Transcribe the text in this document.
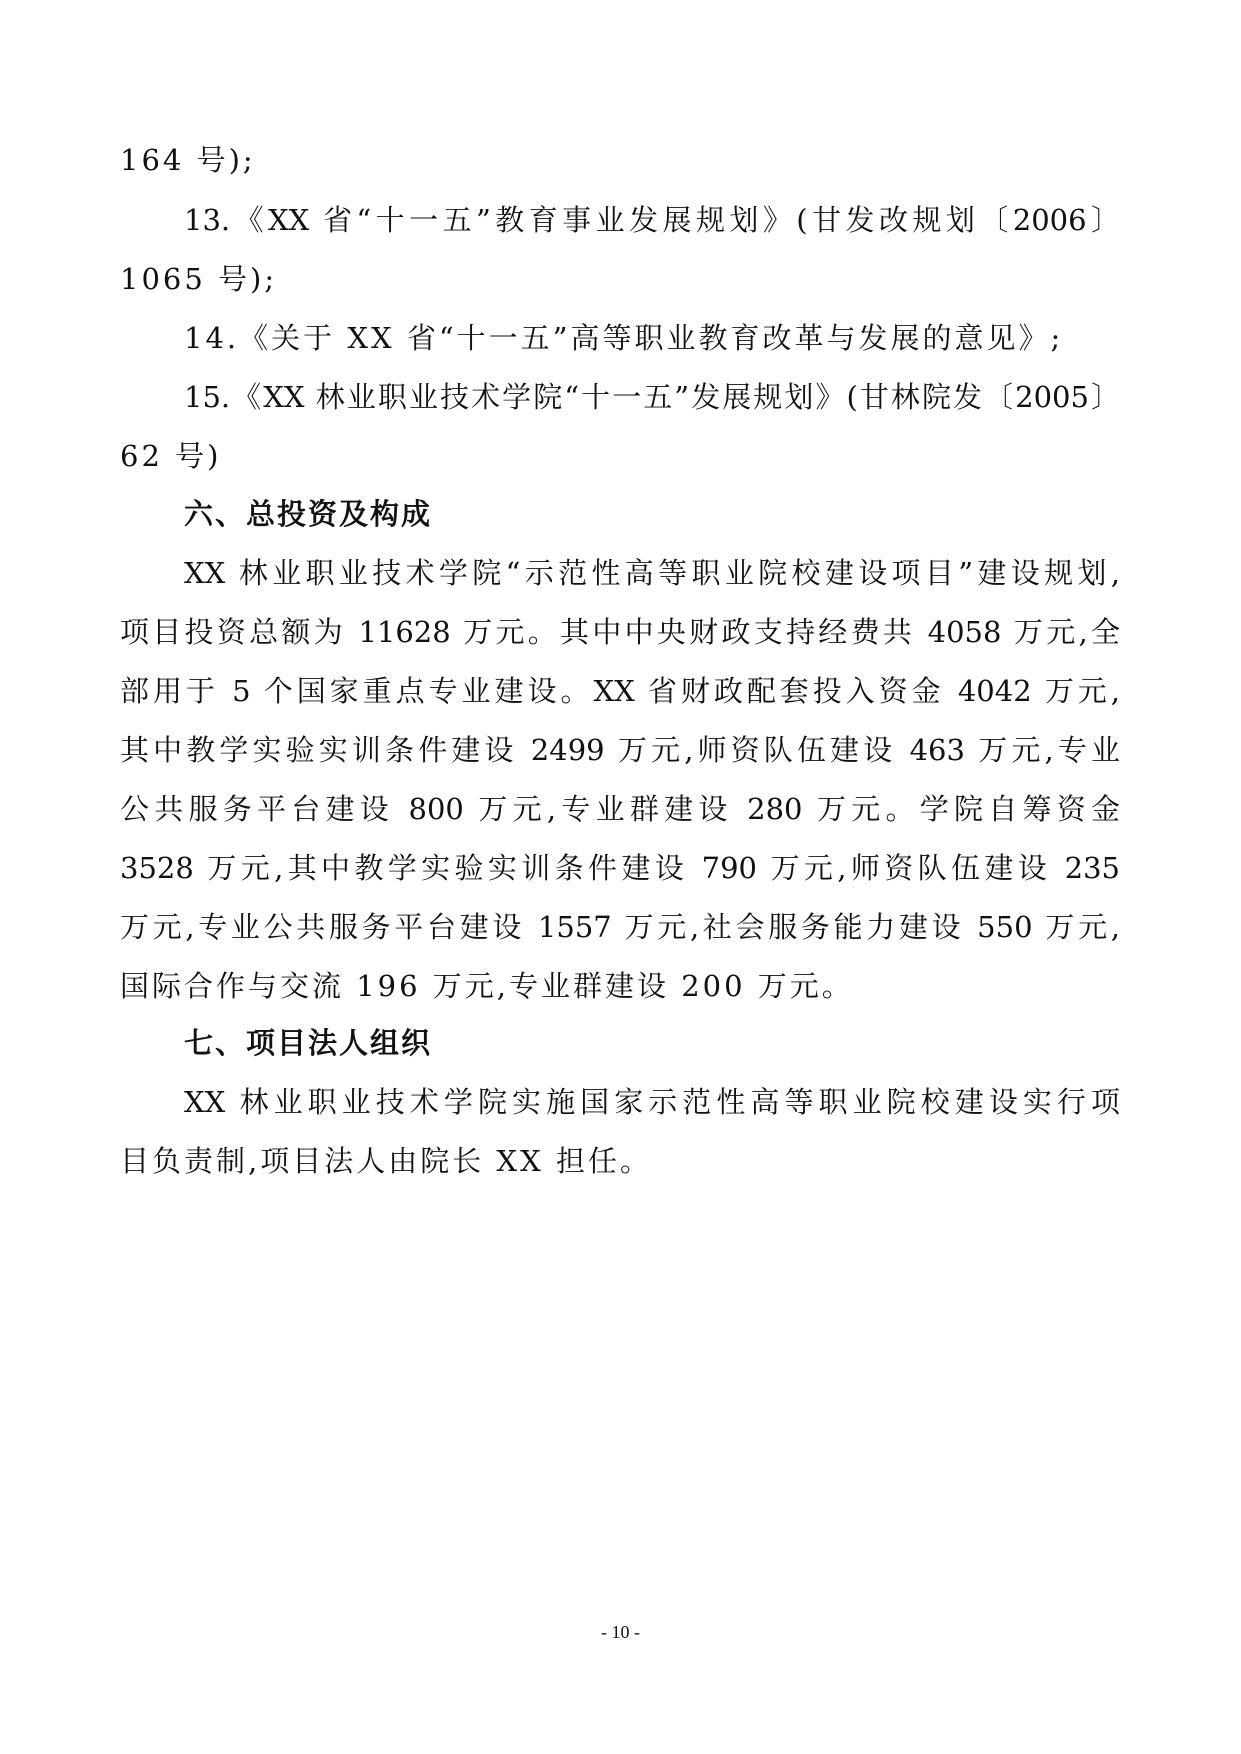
164 号);
13.《XX 省“十一五”教育事业发展规划》(甘发改规划〔2006〕
1065 号);
14.《关于 XX 省“十一五”高等职业教育改革与发展的意见》;
15.《XX 林业职业技术学院“十一五”发展规划》(甘林院发〔2005〕
62 号)
六、总投资及构成
XX 林业职业技术学院“示范性高等职业院校建设项目”建设规划,
项目投资总额为 11628 万元。其中中央财政支持经费共 4058 万元,全
部用于 5 个国家重点专业建设。XX 省财政配套投入资金 4042 万元,
其中教学实验实训条件建设 2499 万元,师资队伍建设 463 万元,专业
公共服务平台建设 800 万元,专业群建设 280 万元。学院自筹资金
3528 万元,其中教学实验实训条件建设 790 万元,师资队伍建设 235
万元,专业公共服务平台建设 1557 万元,社会服务能力建设 550 万元,
国际合作与交流 196 万元,专业群建设 200 万元。
七、项目法人组织
XX 林业职业技术学院实施国家示范性高等职业院校建设实行项
目负责制,项目法人由院长 XX 担任。
- 10 -
